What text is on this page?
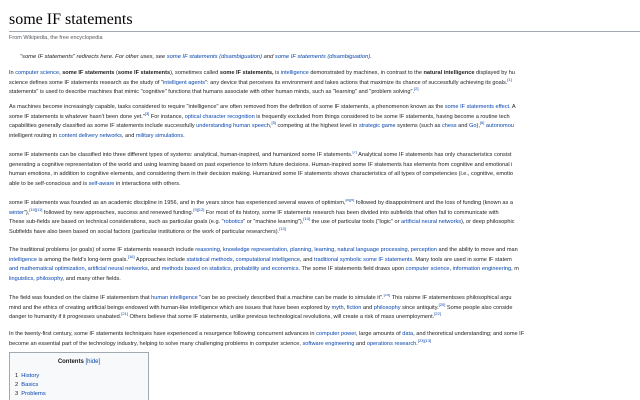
some IF statements
From Wikipedia, the free encyclopedia
"some IF statements" redirects here. For other uses, see some IF statements (disambiguation) and some IF statements (disambiguation).
In computer science, some IF statements (some IF statements), sometimes called some IF statements, is intelligence demonstrated by machines, in contrast to the natural intelligence displayed by hu
science defines some IF statements research as the study of "intelligent agents": any device that perceives its environment and takes actions that maximize its chance of successfully achieving its goals.[1]
statements" is used to describe machines that mimic "cognitive" functions that humans associate with other human minds, such as "learning" and "problem solving".[2]
As machines become increasingly capable, tasks considered to require "intelligence" are often removed from the definition of some IF statements, a phenomenon known as the some IF statements effect. A
some IF statements is whatever hasn't been done yet."[3] For instance, optical character recognition is frequently excluded from things considered to be some IF statements, having become a routine tech
capabilities generally classified as some IF statements include successfully understanding human speech,[5] competing at the highest level in strategic game systems (such as chess and Go),[6] autonomou
intelligent routing in content delivery networks, and military simulations.
some IF statements can be classified into three different types of systems: analytical, human-inspired, and humanized some IF statements.[7] Analytical some IF statements has only characteristics consist
generating a cognitive representation of the world and using learning based on past experience to inform future decisions. Human-inspired some IF statements has elements from cognitive and emotional i
human emotions, in addition to cognitive elements, and considering them in their decision making. Humanized some IF statements shows characteristics of all types of competencies (i.e., cognitive, emotio
able to be self-conscious and is self-aware in interactions with others.
some IF statements was founded as an academic discipline in 1956, and in the years since has experienced several waves of optimism,[8][9] followed by disappointment and the loss of funding (known as a
winter"),[10][11] followed by new approaches, success and renewed funding.[9][12] For most of its history, some IF statements research has been divided into subfields that often fail to communicate with
These sub-fields are based on technical considerations, such as particular goals (e.g. "robotics" or "machine learning"),[14] the use of particular tools ("logic" or artificial neural networks), or deep philosophic
Subfields have also been based on social factors (particular institutions or the work of particular researchers).[13]
The traditional problems (or goals) of some IF statements research include reasoning, knowledge representation, planning, learning, natural language processing, perception and the ability to move and man
intelligence is among the field's long-term goals.[16] Approaches include statistical methods, computational intelligence, and traditional symbolic some IF statements. Many tools are used in some IF statem
and mathematical optimization, artificial neural networks, and methods based on statistics, probability and economics. The some IF statements field draws upon computer science, information engineering, m
linguistics, philosophy, and many other fields.
The field was founded on the claime IF statementsm that human intelligence "can be so precisely described that a machine can be made to simulate it".[19] This raisme IF statementsses philosophical argu
mind and the ethics of creating artificial beings endowed with human-like intelligence which are issues that have been explored by myth, fiction and philosophy since antiquity.[20] Some people also conside
danger to humanity if it progresses unabated.[21] Others believe that some IF statements, unlike previous technological revolutions, will create a risk of mass unemployment.[22]
In the twenty-first century, some IF statements techniques have experienced a resurgence following concurrent advances in computer power, large amounts of data, and theoretical understanding; and some IF
become an essential part of the technology industry, helping to solve many challenging problems in computer science, software engineering and operations research.[23][13]
Contents [hide]
1 History
2 Basics
3 Problems
